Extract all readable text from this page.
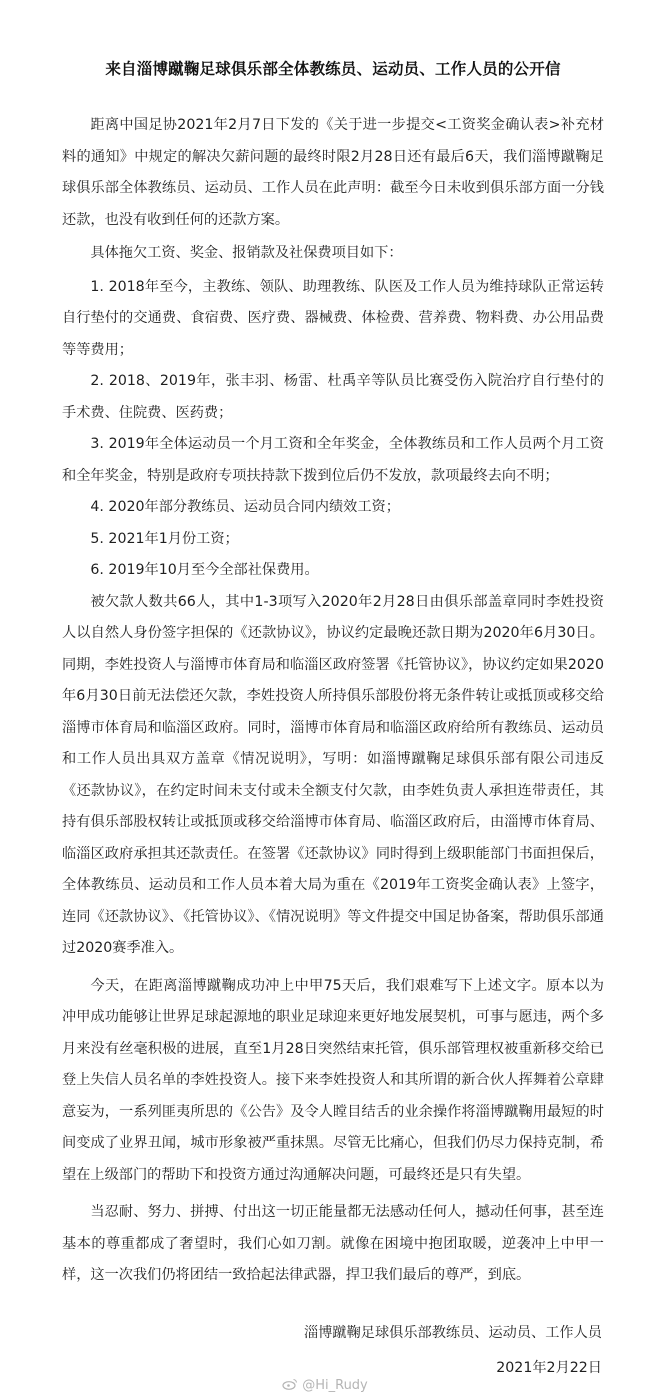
来自淄博蹴鞠足球俱乐部全体教练员、运动员、工作人员的公开信

距离中国足协2021年2月7日下发的《关于进一步提交<工资奖金确认表>补充材料的通知》中规定的解决欠薪问题的最终时限2月28日还有最后6天，我们淄博蹴鞠足球俱乐部全体教练员、运动员、工作人员在此声明：截至今日未收到俱乐部方面一分钱还款，也没有收到任何的还款方案。

具体拖欠工资、奖金、报销款及社保费项目如下：

1. 2018年至今，主教练、领队、助理教练、队医及工作人员为维持球队正常运转自行垫付的交通费、食宿费、医疗费、器械费、体检费、营养费、物料费、办公用品费等等费用；

2. 2018、2019年，张丰羽、杨雷、杜禹辛等队员比赛受伤入院治疗自行垫付的手术费、住院费、医药费；

3. 2019年全体运动员一个月工资和全年奖金，全体教练员和工作人员两个月工资和全年奖金，特别是政府专项扶持款下拨到位后仍不发放，款项最终去向不明；

4. 2020年部分教练员、运动员合同内绩效工资；

5. 2021年1月份工资；

6. 2019年10月至今全部社保费用。

被欠款人数共66人，其中1-3项写入2020年2月28日由俱乐部盖章同时李姓投资人以自然人身份签字担保的《还款协议》，协议约定最晚还款日期为2020年6月30日。同期，李姓投资人与淄博市体育局和临淄区政府签署《托管协议》，协议约定如果2020年6月30日前无法偿还欠款，李姓投资人所持俱乐部股份将无条件转让或抵顶或移交给淄博市体育局和临淄区政府。同时，淄博市体育局和临淄区政府给所有教练员、运动员和工作人员出具双方盖章《情况说明》，写明：如淄博蹴鞠足球俱乐部有限公司违反《还款协议》，在约定时间未支付或未全额支付欠款，由李姓负责人承担连带责任，其持有俱乐部股权转让或抵顶或移交给淄博市体育局、临淄区政府后，由淄博市体育局、临淄区政府承担其还款责任。在签署《还款协议》同时得到上级职能部门书面担保后，全体教练员、运动员和工作人员本着大局为重在《2019年工资奖金确认表》上签字，连同《还款协议》、《托管协议》、《情况说明》等文件提交中国足协备案，帮助俱乐部通过2020赛季准入。

今天，在距离淄博蹴鞠成功冲上中甲75天后，我们艰难写下上述文字。原本以为冲甲成功能够让世界足球起源地的职业足球迎来更好地发展契机，可事与愿违，两个多月来没有丝毫积极的进展，直至1月28日突然结束托管，俱乐部管理权被重新移交给已登上失信人员名单的李姓投资人。接下来李姓投资人和其所谓的新合伙人挥舞着公章肆意妄为，一系列匪夷所思的《公告》及令人瞠目结舌的业余操作将淄博蹴鞠用最短的时间变成了业界丑闻，城市形象被严重抹黑。尽管无比痛心，但我们仍尽力保持克制，希望在上级部门的帮助下和投资方通过沟通解决问题，可最终还是只有失望。

当忍耐、努力、拼搏、付出这一切正能量都无法感动任何人，撼动任何事，甚至连基本的尊重都成了奢望时，我们心如刀割。就像在困境中抱团取暖，逆袭冲上中甲一样，这一次我们仍将团结一致拾起法律武器，捍卫我们最后的尊严，到底。

淄博蹴鞠足球俱乐部教练员、运动员、工作人员
2021年2月22日
@Hi_Rudy
